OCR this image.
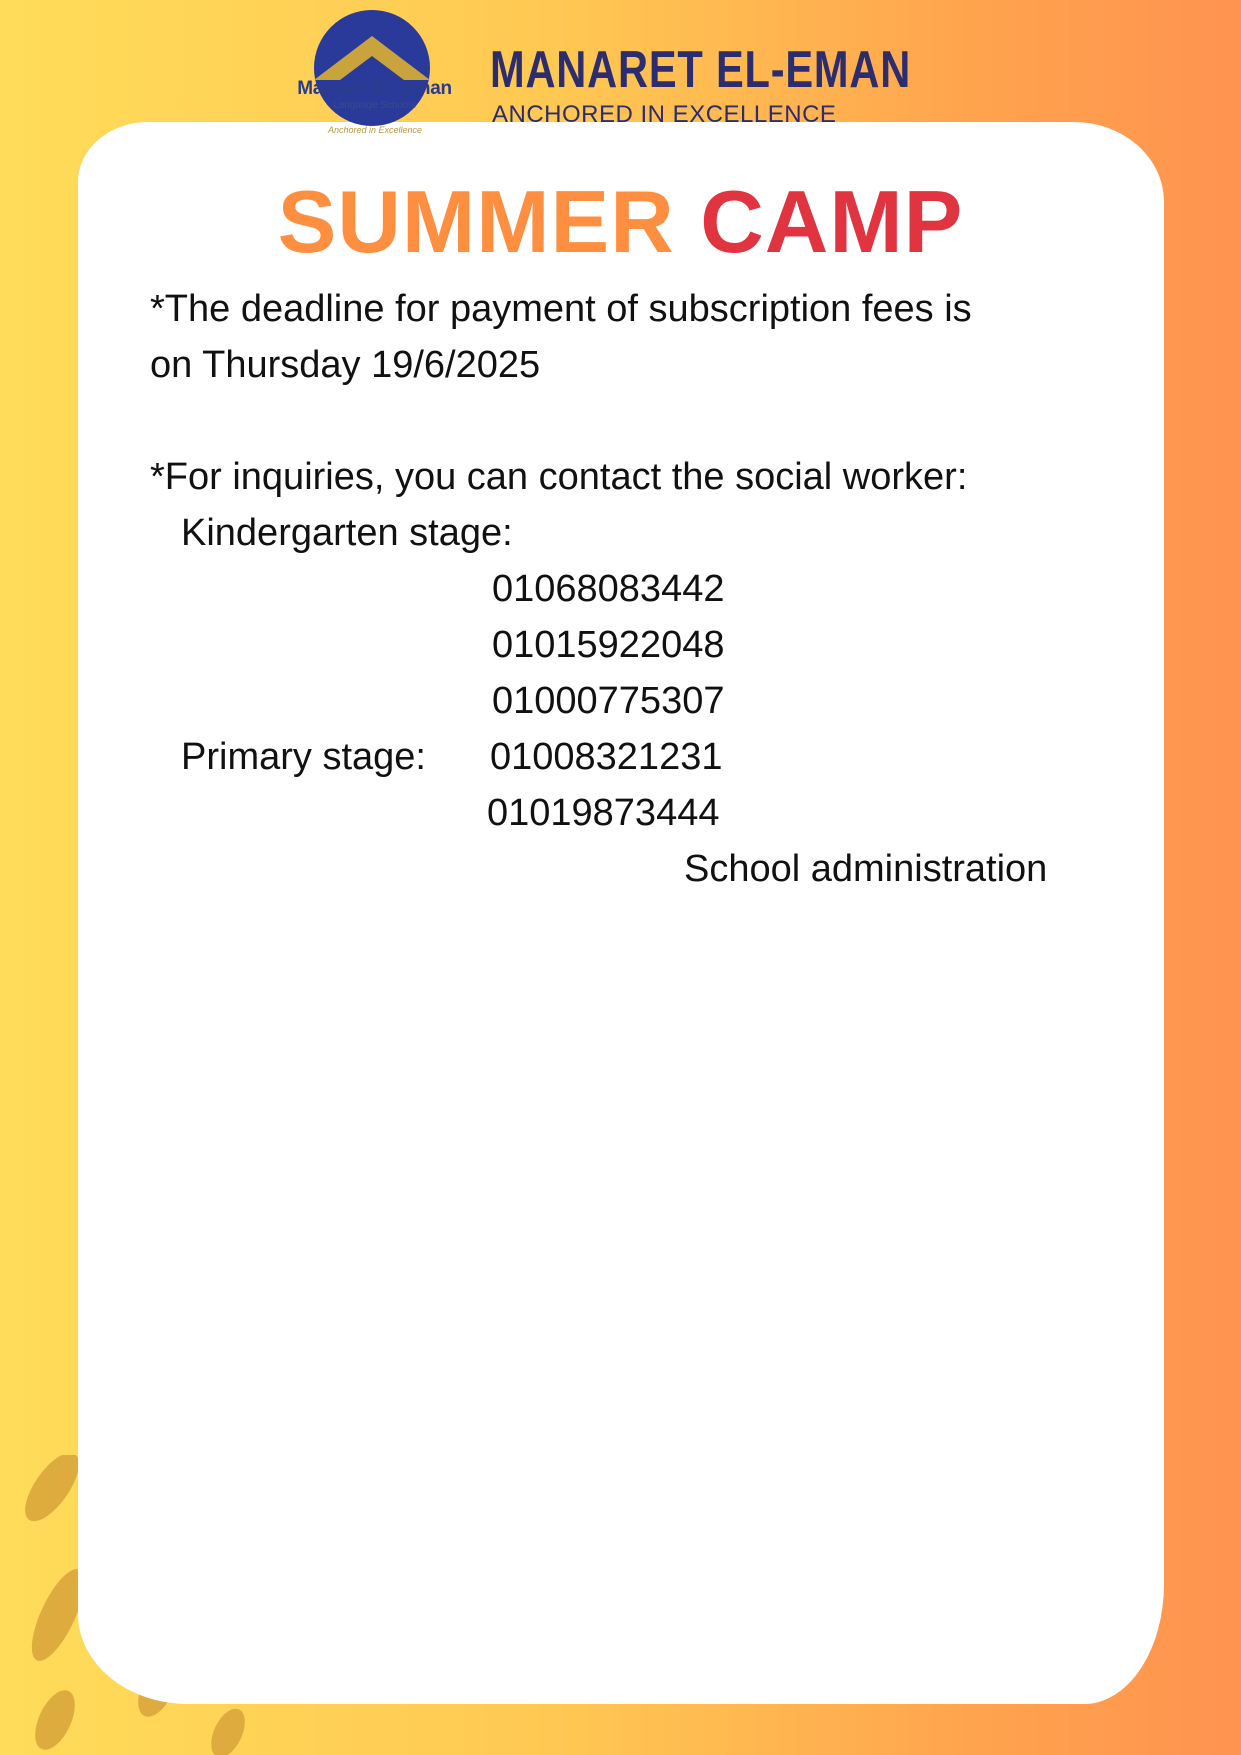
Manaret EL Eman
Language Schools
Anchored in Excellence
MANARET EL-EMAN
ANCHORED IN EXCELLENCE
SUMMER CAMP
*The deadline for payment of subscription fees is
on Thursday 19/6/2025
*For inquiries, you can contact the social worker:
Kindergarten stage:
01068083442
01015922048
01000775307
Primary stage: 01008321231
01019873444
School administration
